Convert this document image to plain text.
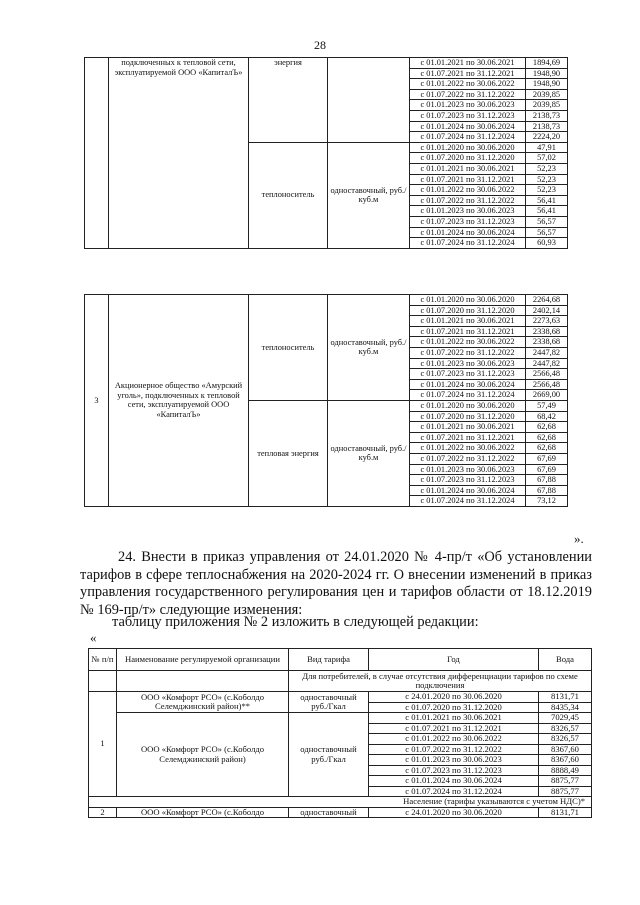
28
	подключенных к тепловой сети, эксплуатируемой ООО «КапиталЪ»	энергия		с 01.01.2021 по 30.06.2021	1894,69
				с 01.07.2021 по 31.12.2021	1948,90
				с 01.01.2022 по 30.06.2022	1948,90
				с 01.07.2022 по 31.12.2022	2039,85
				с 01.01.2023 по 30.06.2023	2039,85
				с 01.07.2023 по 31.12.2023	2138,73
				с 01.01.2024 по 30.06.2024	2138,73
				с 01.07.2024 по 31.12.2024	2224,20
		теплоноситель	одноставочный, руб./куб.м	с 01.01.2020 по 30.06.2020	47,91
				с 01.07.2020 по 31.12.2020	57,02
				с 01.01.2021 по 30.06.2021	52,23
				с 01.07.2021 по 31.12.2021	52,23
				с 01.01.2022 по 30.06.2022	52,23
				с 01.07.2022 по 31.12.2022	56,41
				с 01.01.2023 по 30.06.2023	56,41
				с 01.07.2023 по 31.12.2023	56,57
				с 01.01.2024 по 30.06.2024	56,57
				с 01.07.2024 по 31.12.2024	60,93
3	Акционерное общество «Амурский уголь», подключенных к тепловой сети, эксплуатируемой ООО «КапиталЪ»	теплоноситель	одноставочный, руб./куб.м	с 01.01.2020 по 30.06.2020	2264,68
				с 01.07.2020 по 31.12.2020	2402,14
				с 01.01.2021 по 30.06.2021	2273,63
				с 01.07.2021 по 31.12.2021	2338,68
				с 01.01.2022 по 30.06.2022	2338,68
				с 01.07.2022 по 31.12.2022	2447,82
				с 01.01.2023 по 30.06.2023	2447,82
				с 01.07.2023 по 31.12.2023	2566,48
				с 01.01.2024 по 30.06.2024	2566,48
				с 01.07.2024 по 31.12.2024	2669,00
		тепловая энергия	одноставочный, руб./куб.м	с 01.01.2020 по 30.06.2020	57,49
				с 01.07.2020 по 31.12.2020	68,42
				с 01.01.2021 по 30.06.2021	62,68
				с 01.07.2021 по 31.12.2021	62,68
				с 01.01.2022 по 30.06.2022	62,68
				с 01.07.2022 по 31.12.2022	67,69
				с 01.01.2023 по 30.06.2023	67,69
				с 01.07.2023 по 31.12.2023	67,88
				с 01.01.2024 по 30.06.2024	67,88
				с 01.07.2024 по 31.12.2024	73,12
».
24. Внести в приказ управления от 24.01.2020 № 4-пр/т «Об установлении тарифов в сфере теплоснабжения на 2020-2024 гг. О внесении изменений в приказ управления государственного регулирования цен и тарифов области от 18.12.2019 № 169-пр/т» следующие изменения:
таблицу приложения № 2 изложить в следующей редакции:
«
№ п/п	Наименование регулируемой организации	Вид тарифа	Год	Вода
		Для потребителей, в случае отсутствия дифференциации тарифов по схеме подключения		
1	ООО «Комфорт РСО» (с.Коболдо Селемджинский район)**	одноставочный руб./Гкал	с 24.01.2020 по 30.06.2020	8131,71
			с 01.07.2020 по 31.12.2020	8435,34
	ООО «Комфорт РСО» (с.Коболдо Селемджинский район)	одноставочный руб./Гкал	с 01.01.2021 по 30.06.2021	7029,45
			с 01.07.2021 по 31.12.2021	8326,57
			с 01.01.2022 по 30.06.2022	8326,57
			с 01.07.2022 по 31.12.2022	8367,60
			с 01.01.2023 по 30.06.2023	8367,60
			с 01.07.2023 по 31.12.2023	8888,49
			с 01.01.2024 по 30.06.2024	8875,77
			с 01.07.2024 по 31.12.2024	8875,77
Население (тарифы указываются с учетом НДС)*				
2	ООО «Комфорт РСО» (с.Коболдо	одноставочный	с 24.01.2020 по 30.06.2020	8131,71
